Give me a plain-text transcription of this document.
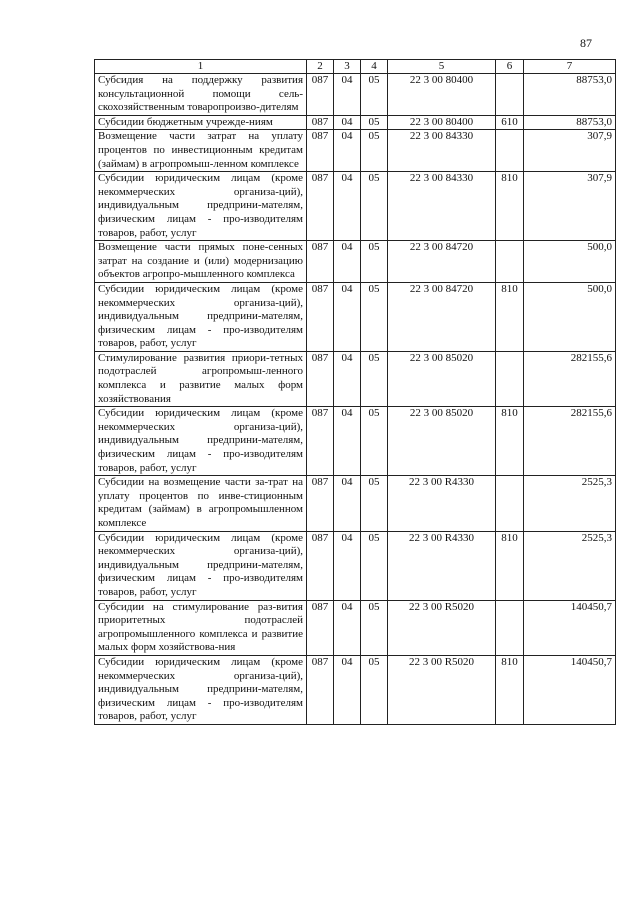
87
1	2	3	4	5	6	7
Субсидия на поддержку развития консультационной помощи сель-скохозяйственным товаропроизво-дителям	087	04	05	22 3 00 80400		88753,0
Субсидии бюджетным учрежде-ниям	087	04	05	22 3 00 80400	610	88753,0
Возмещение части затрат на уплату процентов по инвестиционным кредитам (займам) в агропромыш-ленном комплексе	087	04	05	22 3 00 84330		307,9
Субсидии юридическим лицам (кроме некоммерческих организа-ций), индивидуальным предприни-мателям, физическим лицам - про-изводителям товаров, работ, услуг	087	04	05	22 3 00 84330	810	307,9
Возмещение части прямых поне-сенных затрат на создание и (или) модернизацию объектов агропро-мышленного комплекса	087	04	05	22 3 00 84720		500,0
Субсидии юридическим лицам (кроме некоммерческих организа-ций), индивидуальным предприни-мателям, физическим лицам - про-изводителям товаров, работ, услуг	087	04	05	22 3 00 84720	810	500,0
Стимулирование развития приори-тетных подотраслей агропромыш-ленного комплекса и развитие малых форм хозяйствования	087	04	05	22 3 00 85020		282155,6
Субсидии юридическим лицам (кроме некоммерческих организа-ций), индивидуальным предприни-мателям, физическим лицам - про-изводителям товаров, работ, услуг	087	04	05	22 3 00 85020	810	282155,6
Субсидии на возмещение части за-трат на уплату процентов по инве-стиционным кредитам (займам) в агропромышленном комплексе	087	04	05	22 3 00 R4330		2525,3
Субсидии юридическим лицам (кроме некоммерческих организа-ций), индивидуальным предприни-мателям, физическим лицам - про-изводителям товаров, работ, услуг	087	04	05	22 3 00 R4330	810	2525,3
Субсидии на стимулирование раз-вития приоритетных подотраслей агропромышленного комплекса и развитие малых форм хозяйствова-ния	087	04	05	22 3 00 R5020		140450,7
Субсидии юридическим лицам (кроме некоммерческих организа-ций), индивидуальным предприни-мателям, физическим лицам - про-изводителям товаров, работ, услуг	087	04	05	22 3 00 R5020	810	140450,7
